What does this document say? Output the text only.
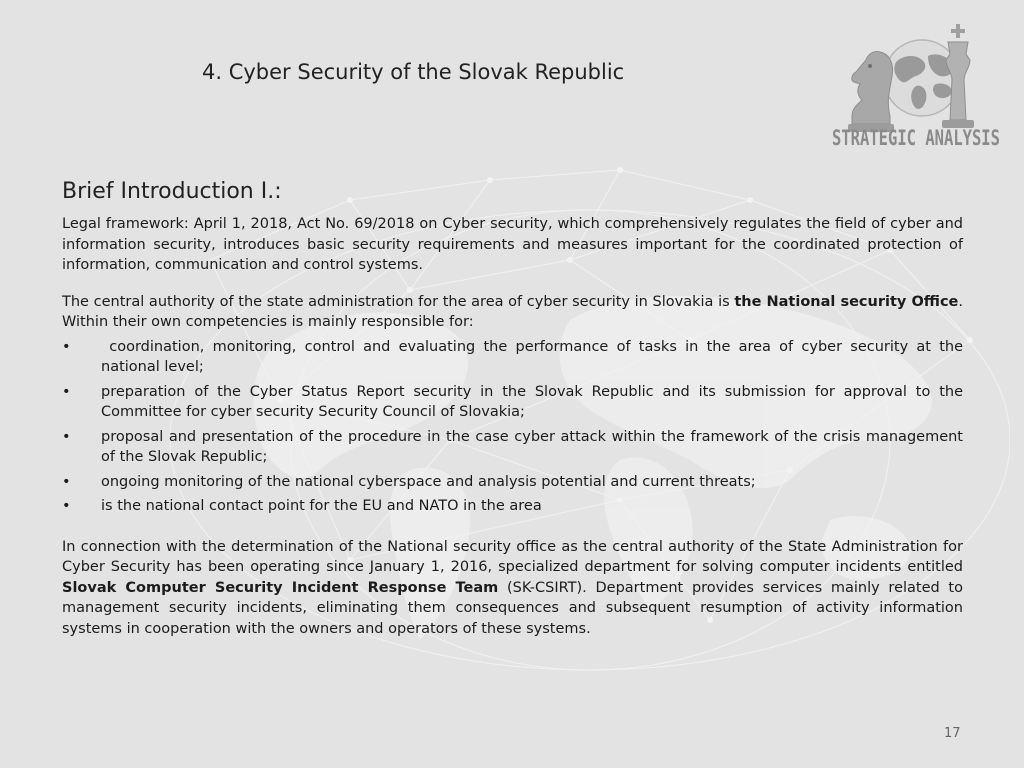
4. Cyber Security of the Slovak Republic
STRATEGIC ANALYSIS
Brief Introduction I.:

Legal framework: April 1, 2018, Act No. 69/2018 on Cyber security, which comprehensively regulates the field of cyber and information security, introduces basic security requirements and measures important for the coordinated protection of information, communication and control systems.

The central authority of the state administration for the area of cyber security in Slovakia is the National security Office. Within their own competencies is mainly responsible for:

• coordination, monitoring, control and evaluating the performance of tasks in the area of cyber security at the national level;
• preparation of the Cyber Status Report security in the Slovak Republic and its submission for approval to the Committee for cyber security Security Council of Slovakia;
• proposal and presentation of the procedure in the case cyber attack within the framework of the crisis management of the Slovak Republic;
• ongoing monitoring of the national cyberspace and analysis potential and current threats;
• is the national contact point for the EU and NATO in the area

In connection with the determination of the National security office as the central authority of the State Administration for Cyber Security has been operating since January 1, 2016, specialized department for solving computer incidents entitled Slovak Computer Security Incident Response Team (SK-CSIRT). Department provides services mainly related to management security incidents, eliminating them consequences and subsequent resumption of activity information systems in cooperation with the owners and operators of these systems.

17
